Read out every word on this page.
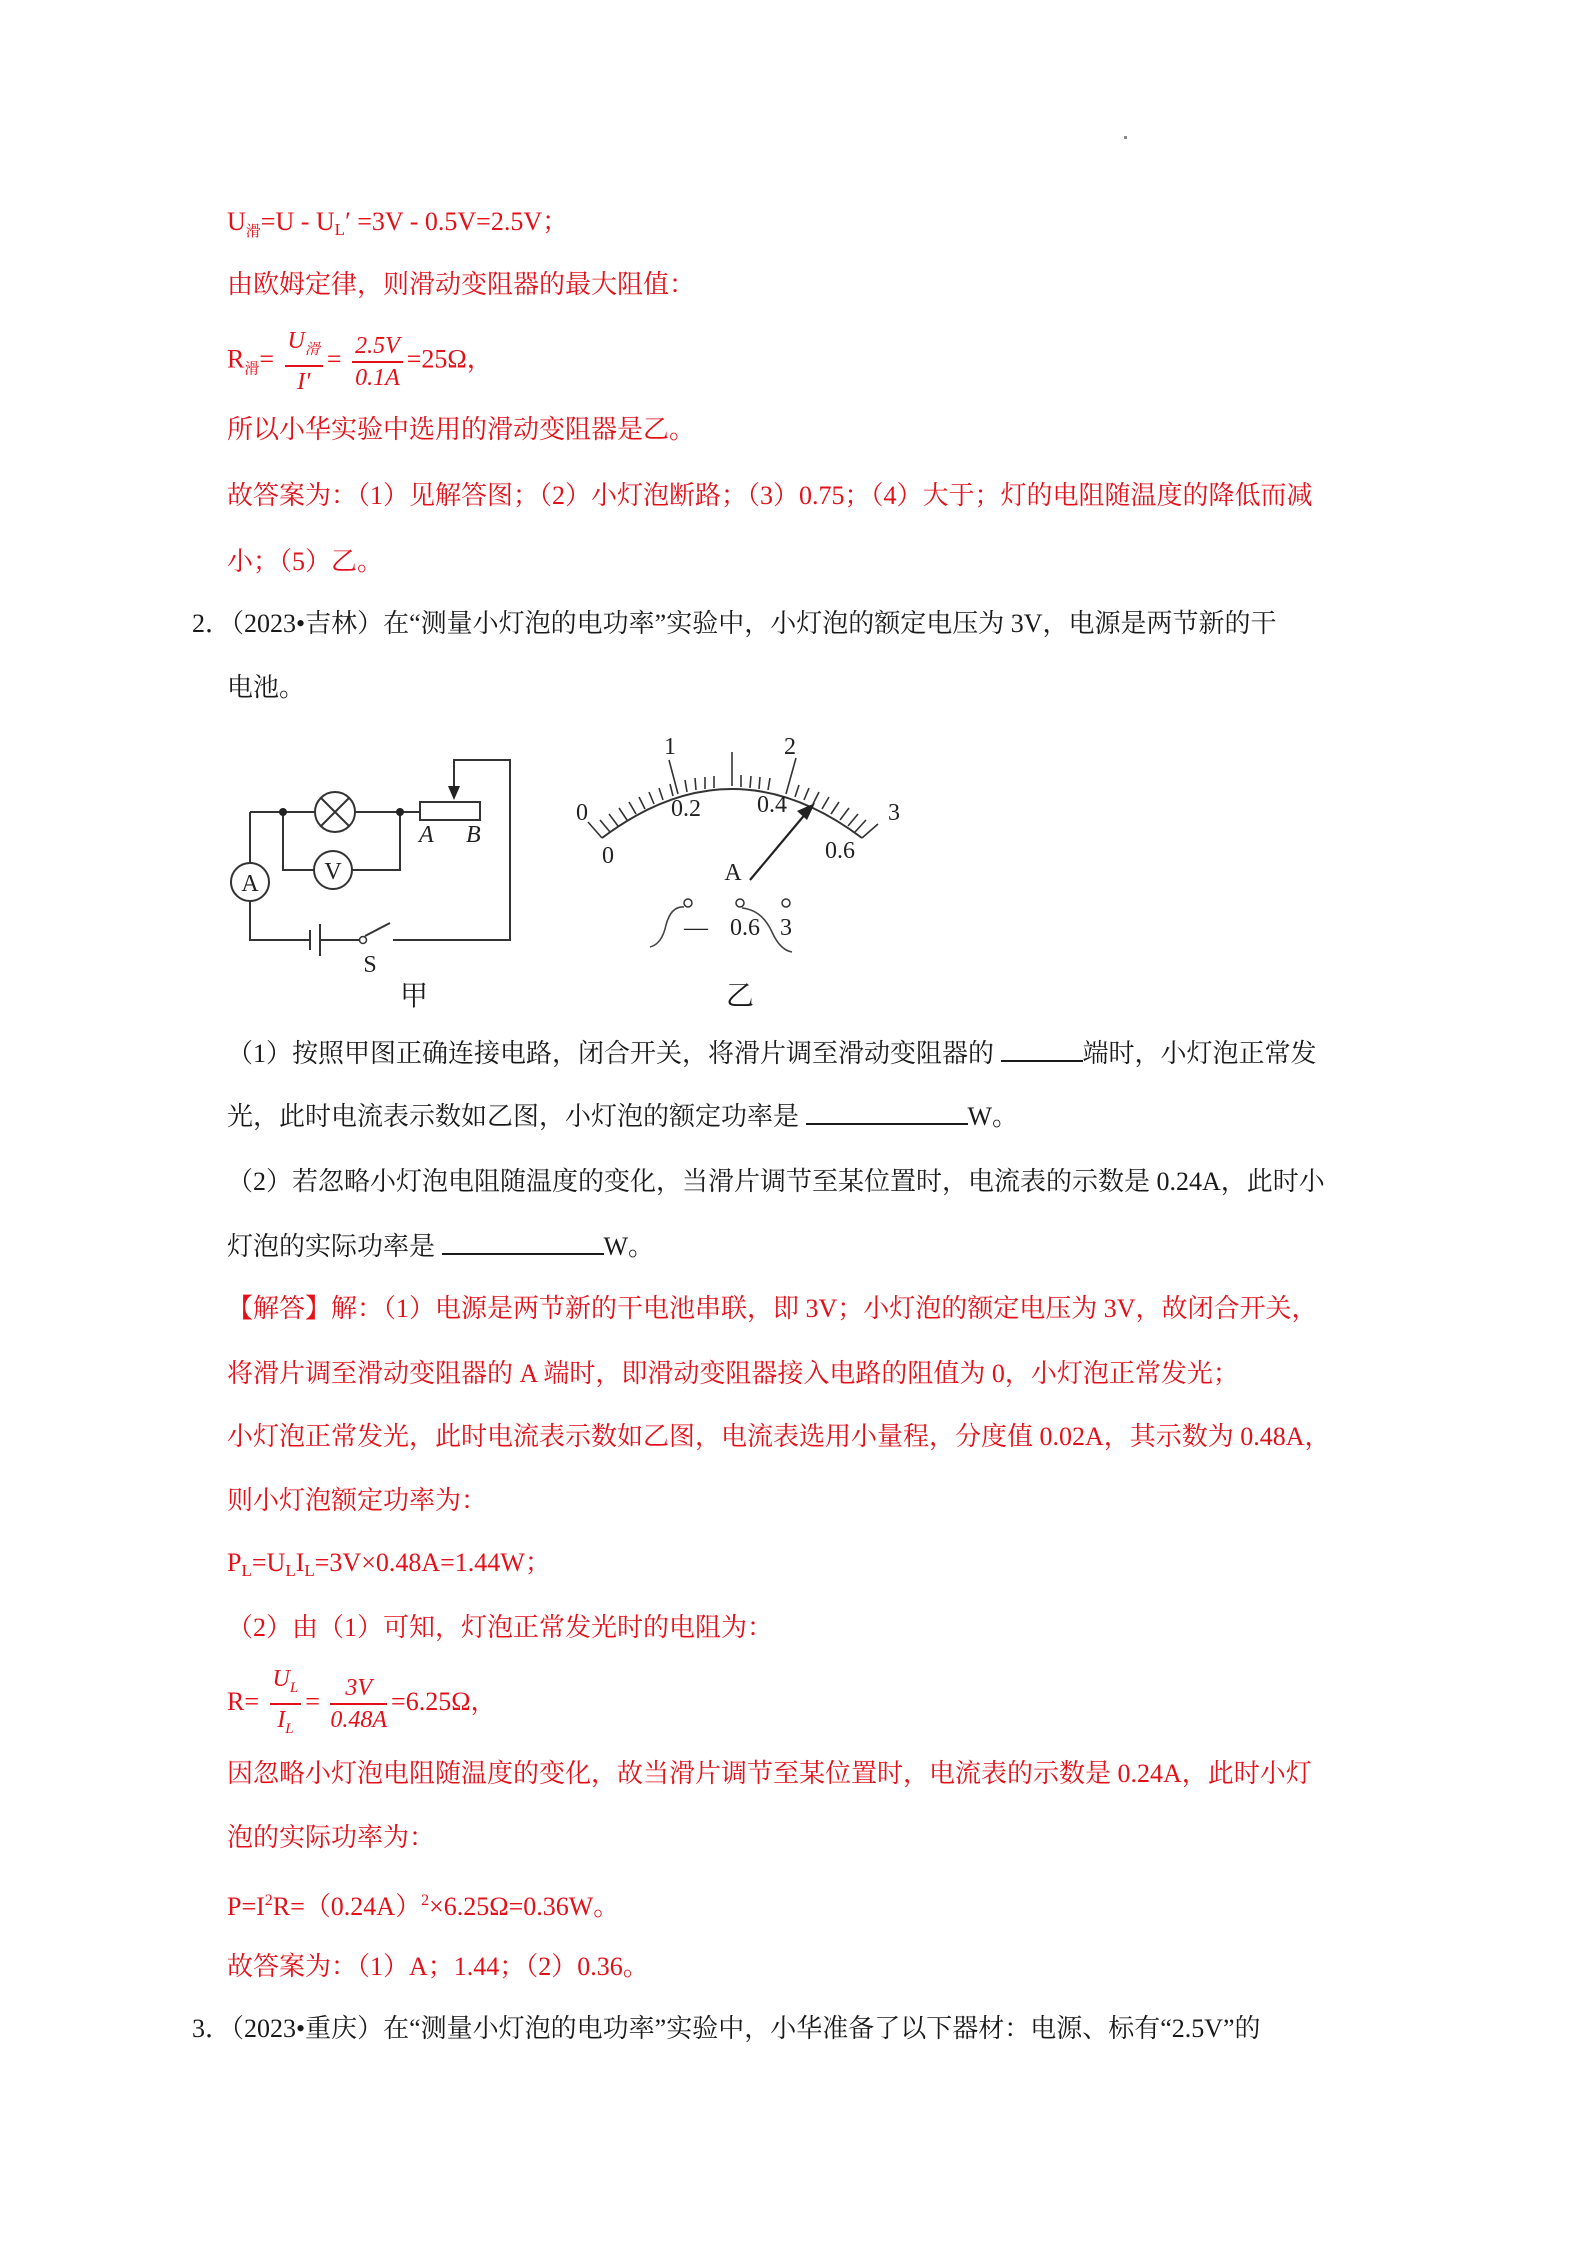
$U_滑=U - UL' =3V - 0.5V=2.5V$；
由欧姆定律，则滑动变阻器的最大阻值：
$R_滑= \frac{U_滑}{I'} = \frac{2.5V}{0.1A} =25\Omega$，
所以小华实验中选用的滑动变阻器是乙。
故答案为：（1）见解答图；（2）小灯泡断路；（3）0.75；（4）大于；灯的电阻随温度的降低而减
小；（5）乙。
2．（2023•吉林）在“测量小灯泡的电功率”实验中，小灯泡的额定电压为 3V，电源是两节新的干
电池。
V
A
A B
S
甲
0
1	2
3
0
0.2 0.4
0.6
A
— 0.6 3
乙
（1）按照甲图正确连接电路，闭合开关，将滑片调至滑动变阻器的	端时，小灯泡正常发
光，此时电流表示数如乙图，小灯泡的额定功率是	W。
（2）若忽略小灯泡电阻随温度的变化，当滑片调节至某位置时，电流表的示数是 0.24A，此时小
灯泡的实际功率是	W。
【解答】解：（1）电源是两节新的干电池串联，即 3V；小灯泡的额定电压为 3V，故闭合开关，
将滑片调至滑动变阻器的 A 端时，即滑动变阻器接入电路的阻值为 0，小灯泡正常发光；
小灯泡正常发光，此时电流表示数如乙图，电流表选用小量程，分度值 0.02A，其示数为 0.48A，
则小灯泡额定功率为：
PL=ULIL=3V×0.48A=1.44W；
（2）由（1）可知，灯泡正常发光时的电阻为：
$R= \frac{U_L}{I_L} = \frac{3V}{0.48A} =6.25\Omega$，
因忽略小灯泡电阻随温度的变化，故当滑片调节至某位置时，电流表的示数是 0.24A，此时小灯
泡的实际功率为：
$P=I^2R=(0.24A)^2\times 6.25\Omega=0.36W$。
故答案为：（1）A；1.44；（2）0.36。
3．（2023•重庆）在“测量小灯泡的电功率”实验中，小华准备了以下器材：电源、标有“2.5V”的
